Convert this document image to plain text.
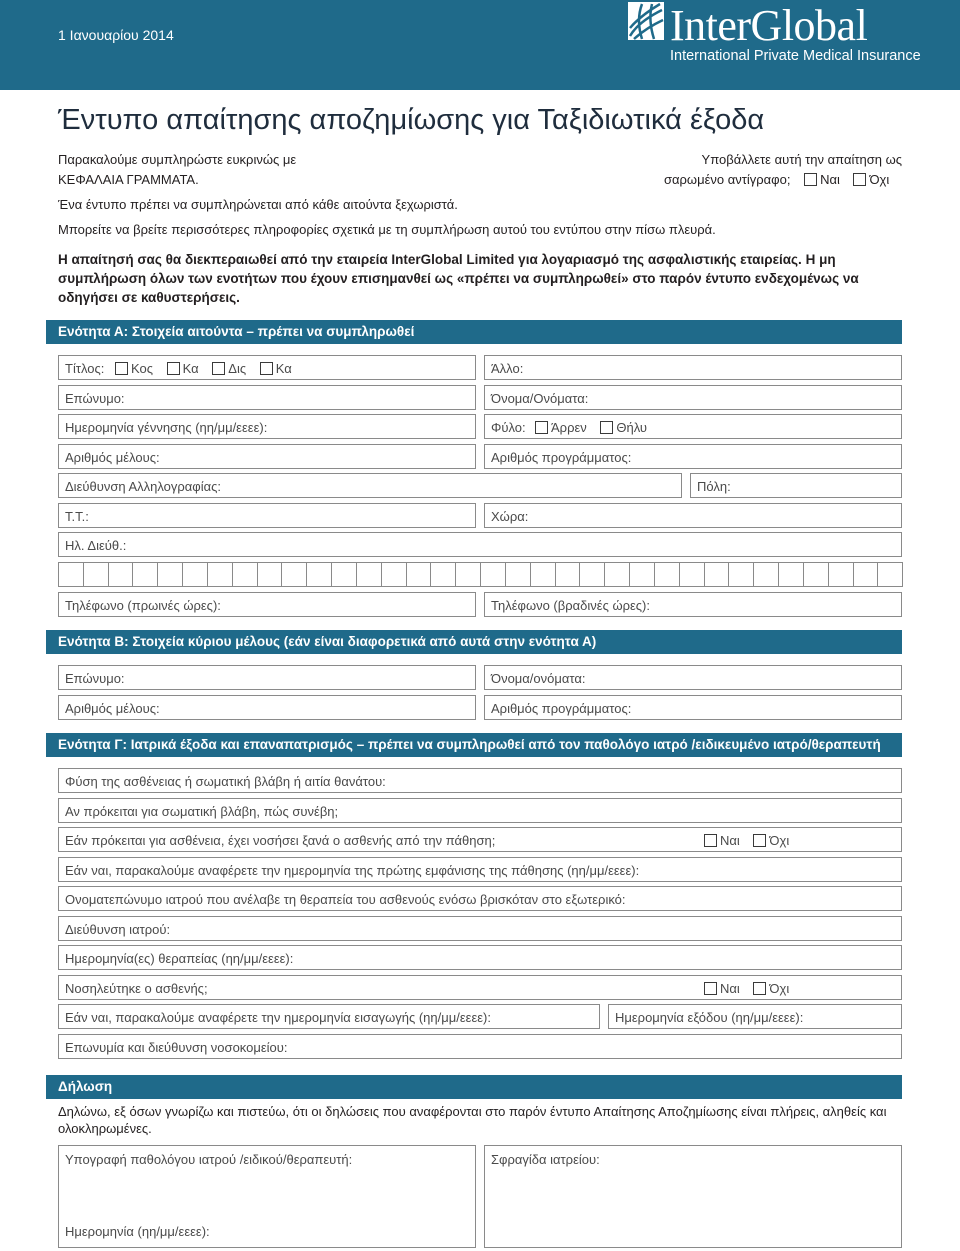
1 Ιανουαρίου 2014	InterGlobal
International Private Medical Insurance
Έντυπο απαίτησης αποζημίωσης για Ταξιδιωτικά έξοδα
Παρακαλούμε συμπληρώστε ευκρινώς με
ΚΕΦΑΛΑΙΑ ΓΡΑΜΜΑΤΑ.
Ένα έντυπο πρέπει να συμπληρώνεται από κάθε αιτούντα ξεχωριστά.
Μπορείτε να βρείτε περισσότερες πληροφορίες σχετικά με τη συμπλήρωση αυτού του εντύπου στην πίσω πλευρά.
Υποβάλλετε αυτή την απαίτηση ως
σαρωμένο αντίγραφο; Ναι Όχι
Η απαίτησή σας θα διεκπεραιωθεί από την εταιρεία InterGlobal Limited για λογαριασμό της ασφαλιστικής εταιρείας. Η μη συμπλήρωση όλων των ενοτήτων που έχουν επισημανθεί ως «πρέπει να συμπληρωθεί» στο παρόν έντυπο ενδεχομένως να οδηγήσει σε καθυστερήσεις.
Ενότητα Α: Στοιχεία αιτούντα – πρέπει να συμπληρωθεί
Τίτλος:	Κος Κα Δις Κα	Άλλο:
Επώνυμο:	Όνομα/Ονόματα:
Ημερομηνία γέννησης (ηη/μμ/εεεε):	Φύλο:	Άρρεν Θήλυ
Αριθμός μέλους:	Αριθμός προγράμματος:
Διεύθυνση Αλληλογραφίας:	Πόλη:
Τ.Τ.:	Χώρα:
Ηλ. Διεύθ.:
Τηλέφωνο (πρωινές ώρες):	Τηλέφωνο (βραδινές ώρες):
Ενότητα Β: Στοιχεία κύριου μέλους (εάν είναι διαφορετικά από αυτά στην ενότητα Α)
Επώνυμο:	Όνομα/ονόματα:
Αριθμός μέλους:	Αριθμός προγράμματος:
Ενότητα Γ: Ιατρικά έξοδα και επαναπατρισμός – πρέπει να συμπληρωθεί από τον παθολόγο ιατρό /ειδικευμένο ιατρό/θεραπευτή
Φύση της ασθένειας ή σωματική βλάβη ή αιτία θανάτου:
Αν πρόκειται για σωματική βλάβη, πώς συνέβη;
Εάν πρόκειται για ασθένεια, έχει νοσήσει ξανά ο ασθενής από την πάθηση;	Ναι Όχι
Εάν ναι, παρακαλούμε αναφέρετε την ημερομηνία της πρώτης εμφάνισης της πάθησης (ηη/μμ/εεεε):
Ονοματεπώνυμο ιατρού που ανέλαβε τη θεραπεία του ασθενούς ενόσω βρισκόταν στο εξωτερικό:
Διεύθυνση ιατρού:
Ημερομηνία(ες) θεραπείας (ηη/μμ/εεεε):
Νοσηλεύτηκε ο ασθενής;	Ναι Όχι
Εάν ναι, παρακαλούμε αναφέρετε την ημερομηνία εισαγωγής (ηη/μμ/εεεε):	Ημερομηνία εξόδου (ηη/μμ/εεεε):
Επωνυμία και διεύθυνση νοσοκομείου:
Δήλωση
Δηλώνω, εξ όσων γνωρίζω και πιστεύω, ότι οι δηλώσεις που αναφέρονται στο παρόν έντυπο Απαίτησης Αποζημίωσης είναι πλήρεις, αληθείς και
ολοκληρωμένες.
Υπογραφή παθολόγου ιατρού /ειδικού/θεραπευτή:
Ημερομηνία (ηη/μμ/εεεε):
Σφραγίδα ιατρείου:
